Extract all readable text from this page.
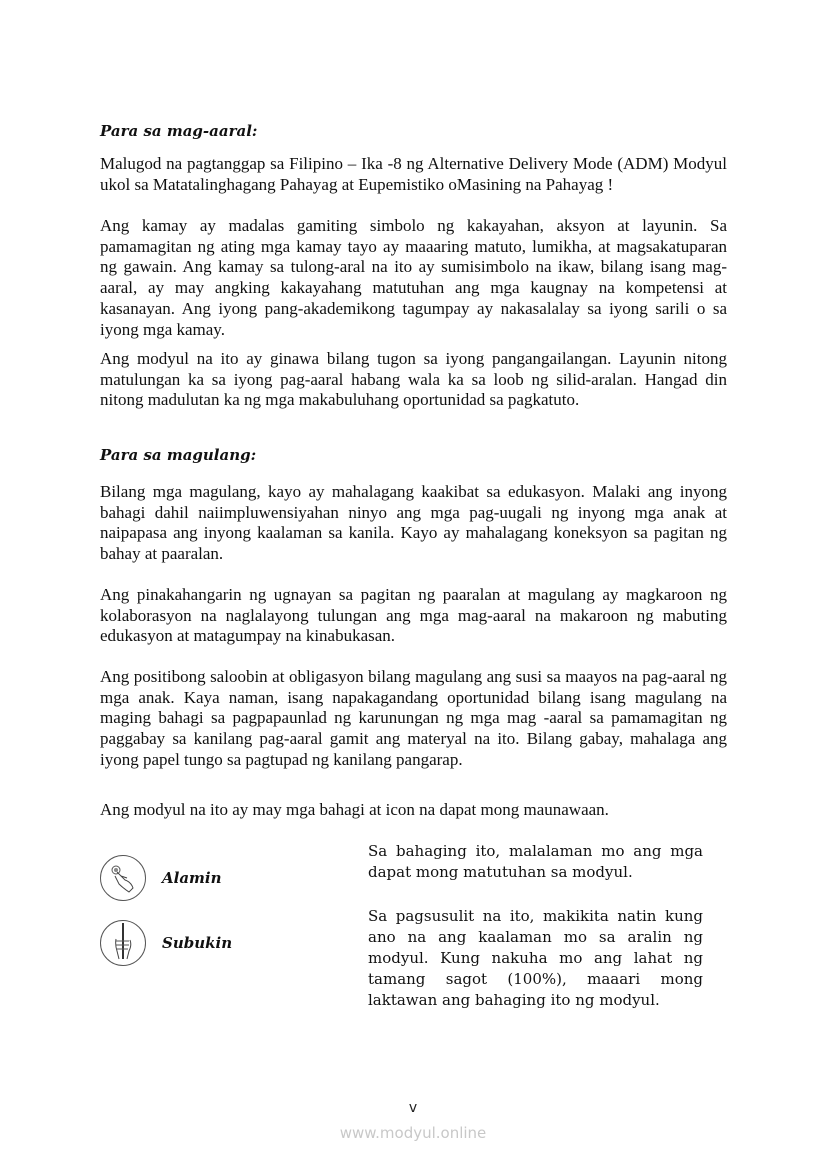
Para sa mag-aaral:

Malugod na pagtanggap sa Filipino – Ika -8 ng Alternative Delivery Mode (ADM) Modyul ukol sa Matatalinghagang Pahayag at Eupemistiko oMasining na Pahayag !

Ang kamay ay madalas gamiting simbolo ng kakayahan, aksyon at layunin. Sa pamamagitan ng ating mga kamay tayo ay maaaring matuto, lumikha, at magsakatuparan ng gawain. Ang kamay sa tulong-aral na ito ay sumisimbolo na ikaw, bilang isang mag-aaral, ay may angking kakayahang matutuhan ang mga kaugnay na kompetensi at kasanayan. Ang iyong pang-akademikong tagumpay ay nakasalalay sa iyong sarili o sa iyong mga kamay.

Ang modyul na ito ay ginawa bilang tugon sa iyong pangangailangan. Layunin nitong matulungan ka sa iyong pag-aaral habang wala ka sa loob ng silid-aralan. Hangad din nitong madulutan ka ng mga makabuluhang oportunidad sa pagkatuto.

Para sa magulang:

Bilang mga magulang, kayo ay mahalagang kaakibat sa edukasyon. Malaki ang inyong bahagi dahil naiimpluwensiyahan ninyo ang mga pag-uugali ng inyong mga anak at naipapasa ang inyong kaalaman sa kanila. Kayo ay mahalagang koneksyon sa pagitan ng bahay at paaralan.

Ang pinakahangarin ng ugnayan sa pagitan ng paaralan at magulang ay magkaroon ng kolaborasyon na naglalayong tulungan ang mga mag-aaral na makaroon ng mabuting edukasyon at matagumpay na kinabukasan.

Ang positibong saloobin at obligasyon bilang magulang ang susi sa maayos na pag-aaral ng mga anak. Kaya naman, isang napakagandang oportunidad bilang isang magulang na maging bahagi sa pagpapaunlad ng karunungan ng mga mag -aaral sa pamamagitan ng paggabay sa kanilang pag-aaral gamit ang materyal na ito. Bilang gabay, mahalaga ang iyong papel tungo sa pagtupad ng kanilang pangarap.

Ang modyul na ito ay may mga bahagi at icon na dapat mong maunawaan.

Alamin

Sa bahaging ito, malalaman mo ang mga dapat mong matutuhan sa modyul.

Subukin

Sa pagsusulit na ito, makikita natin kung ano na ang kaalaman mo sa aralin ng modyul. Kung nakuha mo ang lahat ng tamang sagot (100%), maaari mong laktawan ang bahaging ito ng modyul.

v
www.modyul.online
